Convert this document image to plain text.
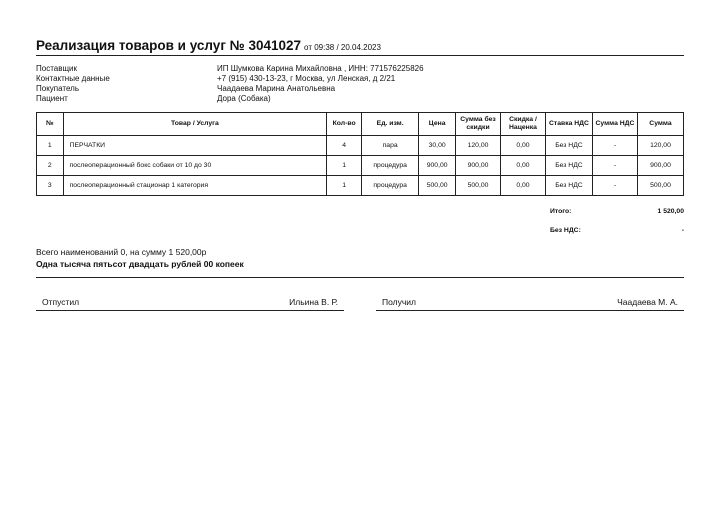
Реализация товаров и услуг № 3041027 от 09:38 / 20.04.2023
Поставщик	ИП Шумкова Карина Михайловна , ИНН: 771576225826
Контактные данные	+7 (915) 430-13-23, г Москва, ул Ленская, д 2/21
Покупатель	Чаадаева Марина Анатольевна
Пациент	Дора (Собака)
№	Товар / Услуга	Кол-во	Ед. изм.	Цена	Сумма без скидки	Скидка / Наценка	Ставка НДС	Сумма НДС	Сумма
1	ПЕРЧАТКИ	4	пара	30,00	120,00	0,00	Без НДС	-	120,00
2	послеоперационный бокс собаки от 10 до 30	1	процедура	900,00	900,00	0,00	Без НДС	-	900,00
3	послеоперационный стационар 1 категория	1	процедура	500,00	500,00	0,00	Без НДС	-	500,00
Итого:	1 520,00
Без НДС:	-
Всего наименований 0, на сумму 1 520,00р
Одна тысяча пятьсот двадцать рублей 00 копеек
Отпустил	Ильина В. Р.	Получил	Чаадаева М. А.
